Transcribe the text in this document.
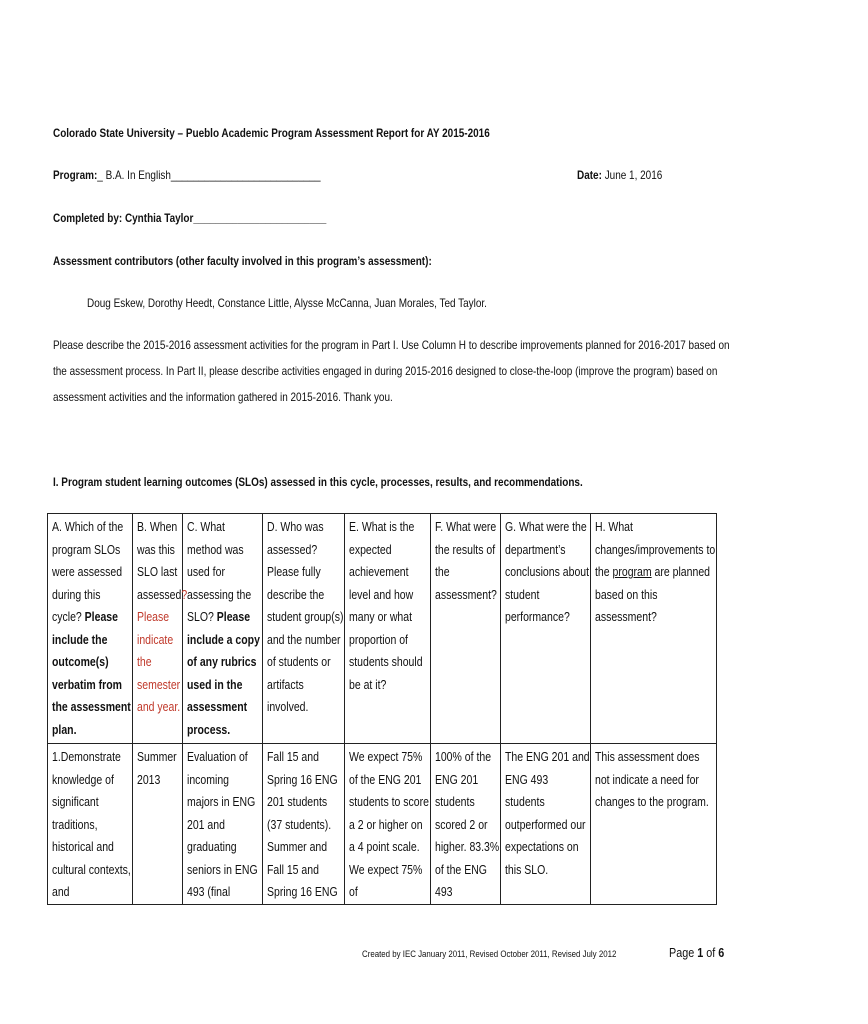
Colorado State University – Pueblo Academic Program Assessment Report for AY 2015-2016
Program:_ B.A. In English___________________________	Date: June 1, 2016
Completed by: Cynthia Taylor________________________
Assessment contributors (other faculty involved in this program’s assessment):
Doug Eskew, Dorothy Heedt, Constance Little, Alysse McCanna, Juan Morales, Ted Taylor.
Please describe the 2015-2016 assessment activities for the program in Part I. Use Column H to describe improvements planned for 2016-2017 based on
the assessment process. In Part II, please describe activities engaged in during 2015-2016 designed to close-the-loop (improve the program) based on
assessment activities and the information gathered in 2015-2016. Thank you.
I. Program student learning outcomes (SLOs) assessed in this cycle, processes, results, and recommendations.
A. Which of the program SLOs were assessed during this cycle? Please include the outcome(s) verbatim from the assessment plan.	B. When was this SLO last assessed? Please indicate the semester and year.	C. What method was used for assessing the SLO? Please include a copy of any rubrics used in the assessment process.	D. Who was assessed? Please fully describe the student group(s) and the number of students or artifacts involved.	E. What is the expected achievement level and how many or what proportion of students should be at it?	F. What were the results of the assessment?	G. What were the department’s conclusions about student performance?	H. What changes/improvements to the program are planned based on this assessment?

1.Demonstrate knowledge of significant traditions, historical and cultural contexts, and	Summer 2013	Evaluation of incoming majors in ENG 201 and graduating seniors in ENG 493 (final	Fall 15 and Spring 16 ENG 201 students (37 students). Summer and Fall 15 and Spring 16 ENG	We expect 75% of the ENG 201 students to score a 2 or higher on a 4 point scale. We expect 75% of	100% of the ENG 201 students scored 2 or higher. 83.3% of the ENG 493	The ENG 201 and ENG 493 students outperformed our expectations on this SLO.	This assessment does not indicate a need for changes to the program.
Created by IEC January 2011, Revised October 2011, Revised July 2012	Page 1 of 6
